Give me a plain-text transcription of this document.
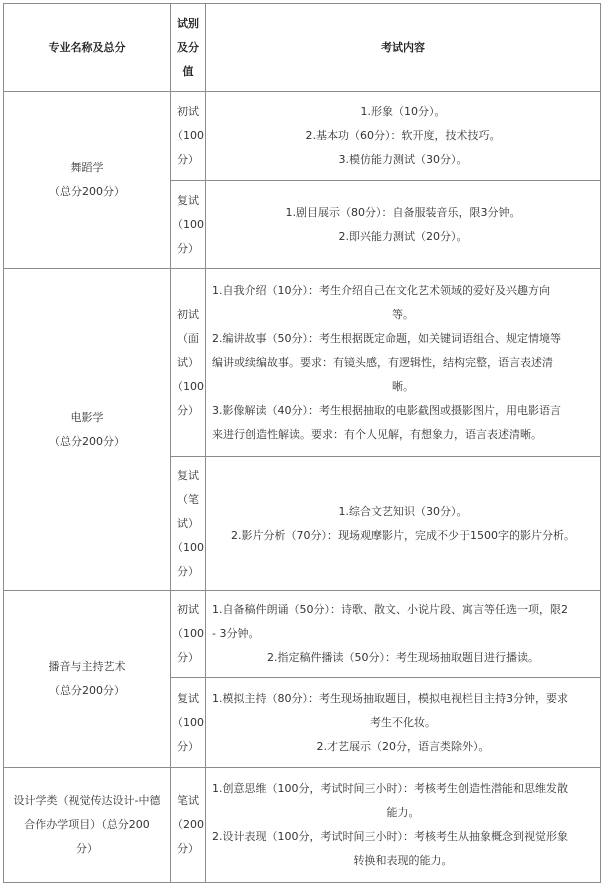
专业名称及总分
试别
及分
值
考试内容
舞蹈学
（总分200分）
初试
（100
分）
1.形象（10分）。
2.基本功（60分）：软开度，技术技巧。
3.模仿能力测试（30分）。
复试
（100
分）
1.剧目展示（80分）：自备服装音乐，限3分钟。
2.即兴能力测试（20分）。
电影学
（总分200分）
初试
（面
试）
（100
分）
1.自我介绍（10分）：考生介绍自己在文化艺术领域的爱好及兴趣方向
等。
2.编讲故事（50分）：考生根据既定命题，如关键词语组合、规定情境等
编讲或续编故事。要求：有镜头感，有逻辑性，结构完整，语言表述清
晰。
3.影像解读（40分）：考生根据抽取的电影截图或摄影图片，用电影语言
来进行创造性解读。要求：有个人见解，有想象力，语言表述清晰。
复试
（笔
试）
（100
分）
1.综合文艺知识（30分）。
2.影片分析（70分）：现场观摩影片，完成不少于1500字的影片分析。
播音与主持艺术
（总分200分）
初试
（100
分）
1.自备稿件朗诵（50分）：诗歌、散文、小说片段、寓言等任选一项，限2
- 3分钟。
2.指定稿件播读（50分）：考生现场抽取题目进行播读。
复试
（100
分）
1.模拟主持（80分）：考生现场抽取题目，模拟电视栏目主持3分钟，要求
考生不化妆。
2.才艺展示（20分，语言类除外）。
设计学类（视觉传达设计-中德
合作办学项目）（总分200
分）
笔试
（200
分）
1.创意思维（100分，考试时间三小时）：考核考生创造性潜能和思维发散
能力。
2.设计表现（100分，考试时间三小时）：考核考生从抽象概念到视觉形象
转换和表现的能力。
